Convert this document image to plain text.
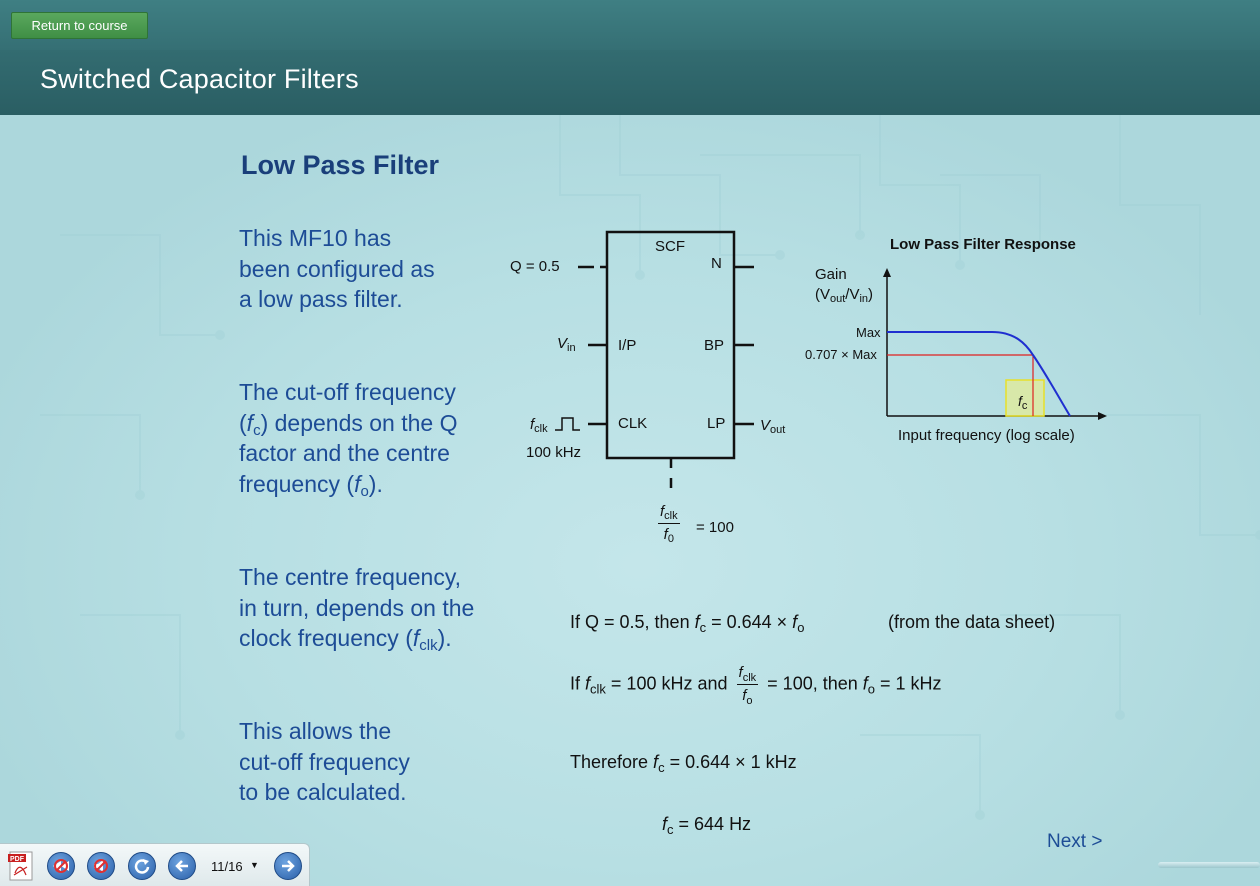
Return to course
Switched Capacitor Filters
Low Pass Filter
This MF10 has
been configured as
a low pass filter.
The cut-off frequency
$(f_c)$ depends on the Q
factor and the centre
frequency $(f_o)$.
The centre frequency,
in turn, depends on the
clock frequency $(f_{clk})$.
This allows the
cut-off frequency
to be calculated.
SCF
Q = 0.5	N
$V_{in}$	I/P	BP
$f_{clk}$	CLK	LP $V_{out}$
100 kHz
$\frac{f_{clk}}{f_0} = 100$
Low Pass Filter Response
Gain
$(V_{out}/V_{in})$
Max
0.707 × Max
$f_c$
Input frequency (log scale)
If Q = 0.5, then $f_c = 0.644 \times f_o$	(from the data sheet)
If $f_{clk} = 100$ kHz and $\frac{f_{clk}}{f_o} = 100$, then $f_o = 1$ kHz
Therefore $f_c = 0.644 \times 1$ kHz
$f_c = 644$ Hz
Next >
PDF	11/16 ▼
